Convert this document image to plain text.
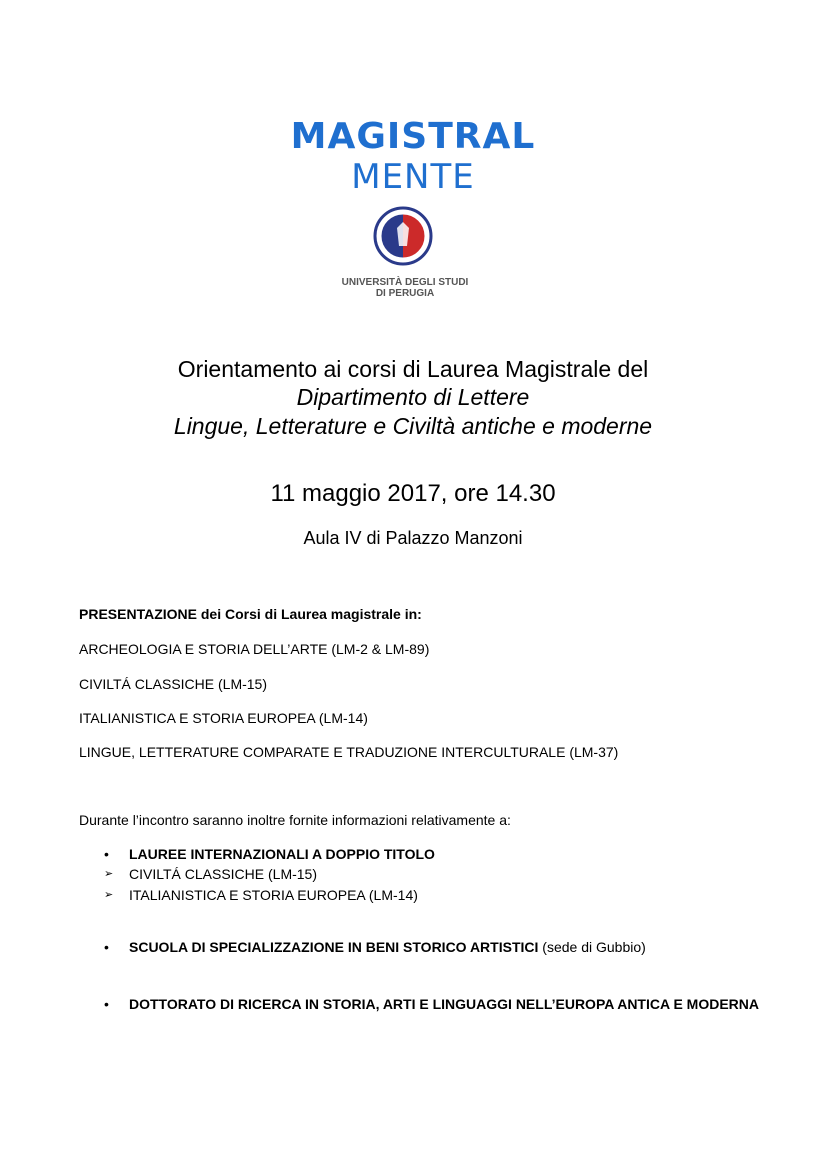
MAGISTRAL
MENTE
UNIVERSITÀ DEGLI STUDI
DI PERUGIA
Orientamento ai corsi di Laurea Magistrale del
Dipartimento di Lettere
Lingue, Letterature e Civiltà antiche e moderne
11 maggio 2017, ore 14.30
Aula IV di Palazzo Manzoni
PRESENTAZIONE dei Corsi di Laurea magistrale in:
ARCHEOLOGIA E STORIA DELL’ARTE (LM-2 & LM-89)
CIVILTÁ CLASSICHE (LM-15)
ITALIANISTICA E STORIA EUROPEA (LM-14)
LINGUE, LETTERATURE COMPARATE E TRADUZIONE INTERCULTURALE (LM-37)
Durante l’incontro saranno inoltre fornite informazioni relativamente a:
• LAUREE INTERNAZIONALI A DOPPIO TITOLO
➢ CIVILTÁ CLASSICHE (LM-15)
➢ ITALIANISTICA E STORIA EUROPEA (LM-14)
• SCUOLA DI SPECIALIZZAZIONE IN BENI STORICO ARTISTICI (sede di Gubbio)
• DOTTORATO DI RICERCA IN STORIA, ARTI E LINGUAGGI NELL’EUROPA ANTICA E MODERNA
